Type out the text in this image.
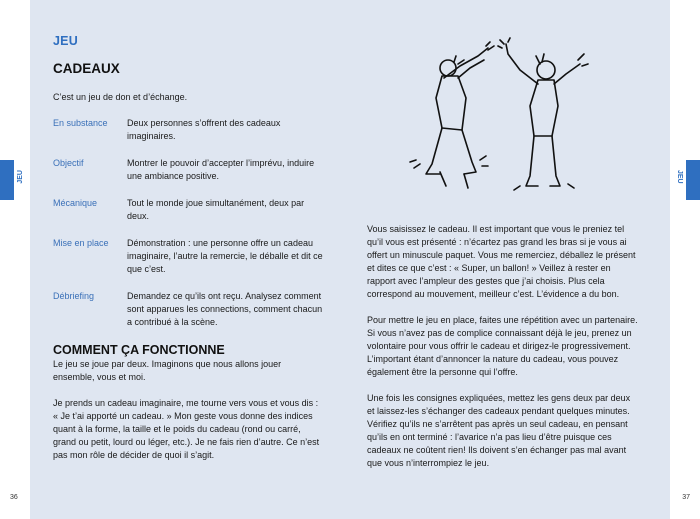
JEU
36
JEU
37
JEU
CADEAUX
C’est un jeu de don et d’échange.
En substance	Deux personnes s’offrent des cadeaux imaginaires.
Objectif	Montrer le pouvoir d’accepter l’imprévu, induire une ambiance positive.
Mécanique	Tout le monde joue simultanément, deux par deux.
Mise en place	Démonstration : une personne offre un cadeau imaginaire, l’autre la remercie, le déballe et dit ce que c’est.
Débriefing	Demandez ce qu’ils ont reçu. Analysez comment sont apparues les connections, comment chacun a contribué à la scène.
COMMENT ÇA FONCTIONNE

Le jeu se joue par deux. Imaginons que nous allons jouer ensemble, vous et moi.

Je prends un cadeau imaginaire, me tourne vers vous et vous dis : « Je t’ai apporté un cadeau. » Mon geste vous donne des indices quant à la forme, la taille et le poids du cadeau (rond ou carré, grand ou petit, lourd ou léger, etc.). Je ne fais rien d’autre. Ce n’est pas mon rôle de décider de quoi il s’agit.

Vous saisissez le cadeau. Il est important que vous le preniez tel qu’il vous est présenté : n’écartez pas grand les bras si je vous ai offert un minuscule paquet. Vous me remerciez, déballez le présent et dites ce que c’est : « Super, un ballon! » Veillez à rester en rapport avec l’ampleur des gestes que j’ai choisis. Plus cela correspond au mouvement, meilleur c’est. L’évidence a du bon.

Pour mettre le jeu en place, faites une répétition avec un partenaire. Si vous n’avez pas de complice connaissant déjà le jeu, prenez un volontaire pour vous offrir le cadeau et dirigez-le progressivement. L’important étant d’annoncer la nature du cadeau, vous pouvez également être la personne qui l’offre.

Une fois les consignes expliquées, mettez les gens deux par deux et laissez-les s’échanger des cadeaux pendant quelques minutes. Vérifiez qu’ils ne s’arrêtent pas après un seul cadeau, en pensant qu’ils en ont terminé : l’avarice n’a pas lieu d’être puisque ces cadeaux ne coûtent rien! Ils doivent s’en échanger pas mal avant que vous n’interrompiez le jeu.
